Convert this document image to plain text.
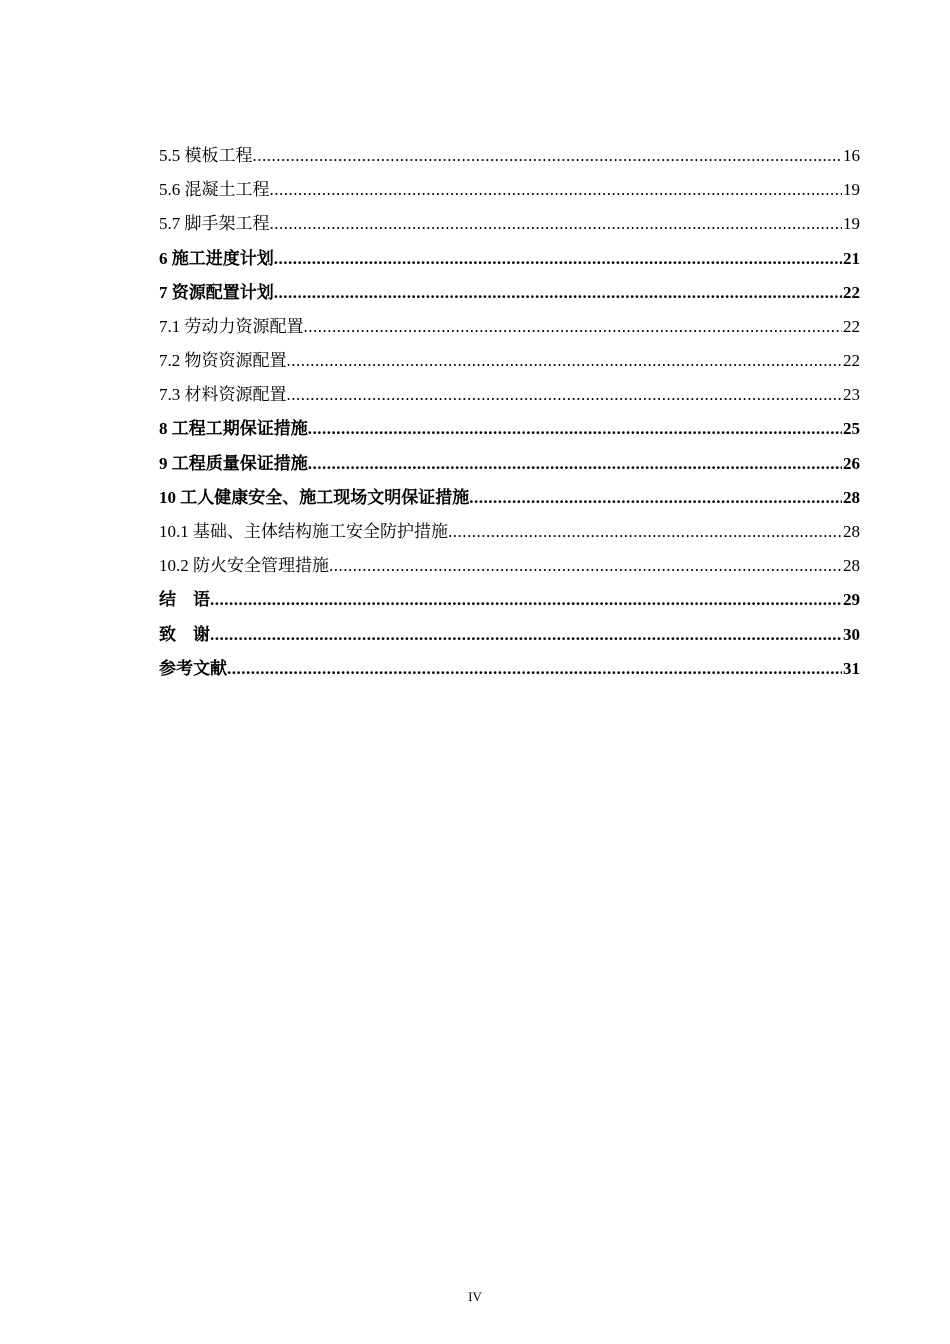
5.5 模板工程 .....	16
5.6 混凝土工程 .....	19
5.7 脚手架工程 .....	19
6 施工进度计划 .....	21
7 资源配置计划 .....	22
7.1 劳动力资源配置 .....	22
7.2 物资资源配置 .....	22
7.3 材料资源配置 .....	23
8 工程工期保证措施 .....	25
9 工程质量保证措施 .....	26
10 工人健康安全、施工现场文明保证措施 .....	28
10.1 基础、主体结构施工安全防护措施 .....	28
10.2 防火安全管理措施 .....	28
结　语 .....	29
致　谢 .....	30
参考文献 .....	31
IV
